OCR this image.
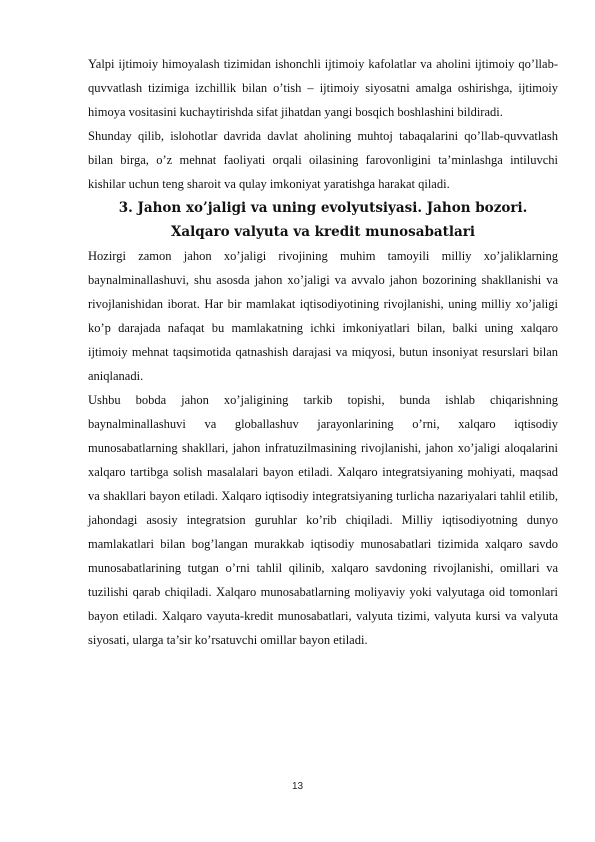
Yalpi ijtimoiy himoyalash tizimidan ishonchli ijtimoiy kafolatlar va aholini ijtimoiy qo’llab-quvvatlash tizimiga izchillik bilan o’tish – ijtimoiy siyosatni amalga oshirishga, ijtimoiy himoya vositasini kuchaytirishda sifat jihatdan yangi bosqich boshlashini bildiradi.

Shunday qilib, islohotlar davrida davlat aholining muhtoj tabaqalarini qo’llab-quvvatlash bilan birga, o’z mehnat faoliyati orqali oilasining farovonligini ta’minlashga intiluvchi kishilar uchun teng sharoit va qulay imkoniyat yaratishga harakat qiladi.

3. Jahon xo’jaligi va uning evolyutsiyasi. Jahon bozori. Xalqaro valyuta va kredit munosabatlari

Hozirgi zamon jahon xo’jaligi rivojining muhim tamoyili milliy xo’jaliklarning baynalminallashuvi, shu asosda jahon xo’jaligi va avvalo jahon bozorining shakllanishi va rivojlanishidan iborat. Har bir mamlakat iqtisodiyotining rivojlanishi, uning milliy xo’jaligi ko’p darajada nafaqat bu mamlakatning ichki imkoniyatlari bilan, balki uning xalqaro ijtimoiy mehnat taqsimotida qatnashish darajasi va miqyosi, butun insoniyat resurslari bilan aniqlanadi.

Ushbu bobda jahon xo’jaligining tarkib topishi, bunda ishlab chiqarishning baynalminallashuvi va globallashuv jarayonlarining o’rni, xalqaro iqtisodiy munosabatlarning shakllari, jahon infratuzilmasining rivojlanishi, jahon xo’jaligi aloqalarini xalqaro tartibga solish masalalari bayon etiladi. Xalqaro integratsiyaning mohiyati, maqsad va shakllari bayon etiladi. Xalqaro iqtisodiy integratsiyaning turlicha nazariyalari tahlil etilib, jahondagi asosiy integratsion guruhlar ko’rib chiqiladi. Milliy iqtisodiyotning dunyo mamlakatlari bilan bog’langan murakkab iqtisodiy munosabatlari tizimida xalqaro savdo munosabatlarining tutgan o’rni tahlil qilinib, xalqaro savdoning rivojlanishi, omillari va tuzilishi qarab chiqiladi. Xalqaro munosabatlarning moliyaviy yoki valyutaga oid tomonlari bayon etiladi. Xalqaro vayuta-kredit munosabatlari, valyuta tizimi, valyuta kursi va valyuta siyosati, ularga ta’sir ko’rsatuvchi omillar bayon etiladi.

13
